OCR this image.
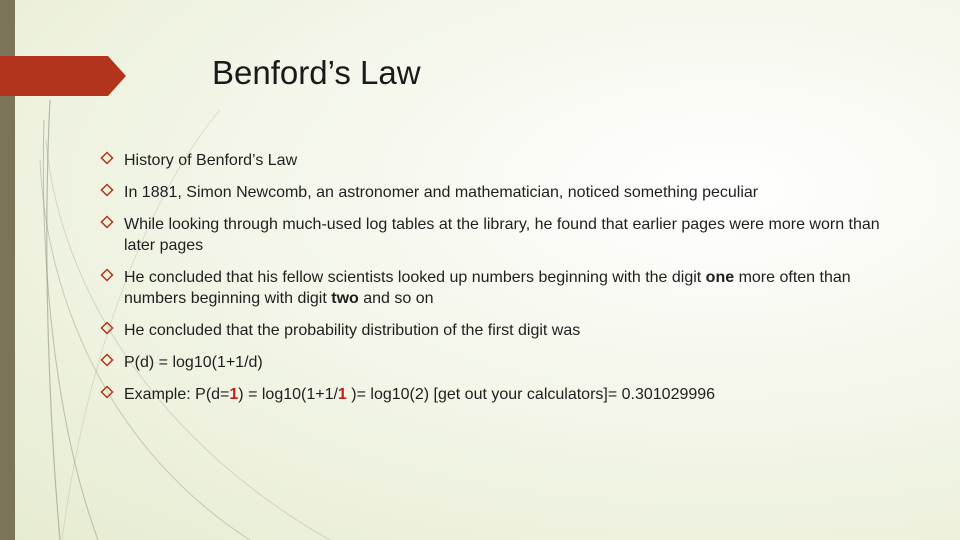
Benford’s Law
History of Benford’s Law
In 1881, Simon Newcomb, an astronomer and mathematician, noticed something peculiar
While looking through much-used log tables at the library, he found that earlier pages were more worn than later pages
He concluded that his fellow scientists looked up numbers beginning with the digit one more often than numbers beginning with digit two and so on
He concluded that the probability distribution of the first digit was
P(d) = log10(1+1/d)
Example: P(d=1) = log10(1+1/1 )= log10(2) [get out your calculators]= 0.301029996
